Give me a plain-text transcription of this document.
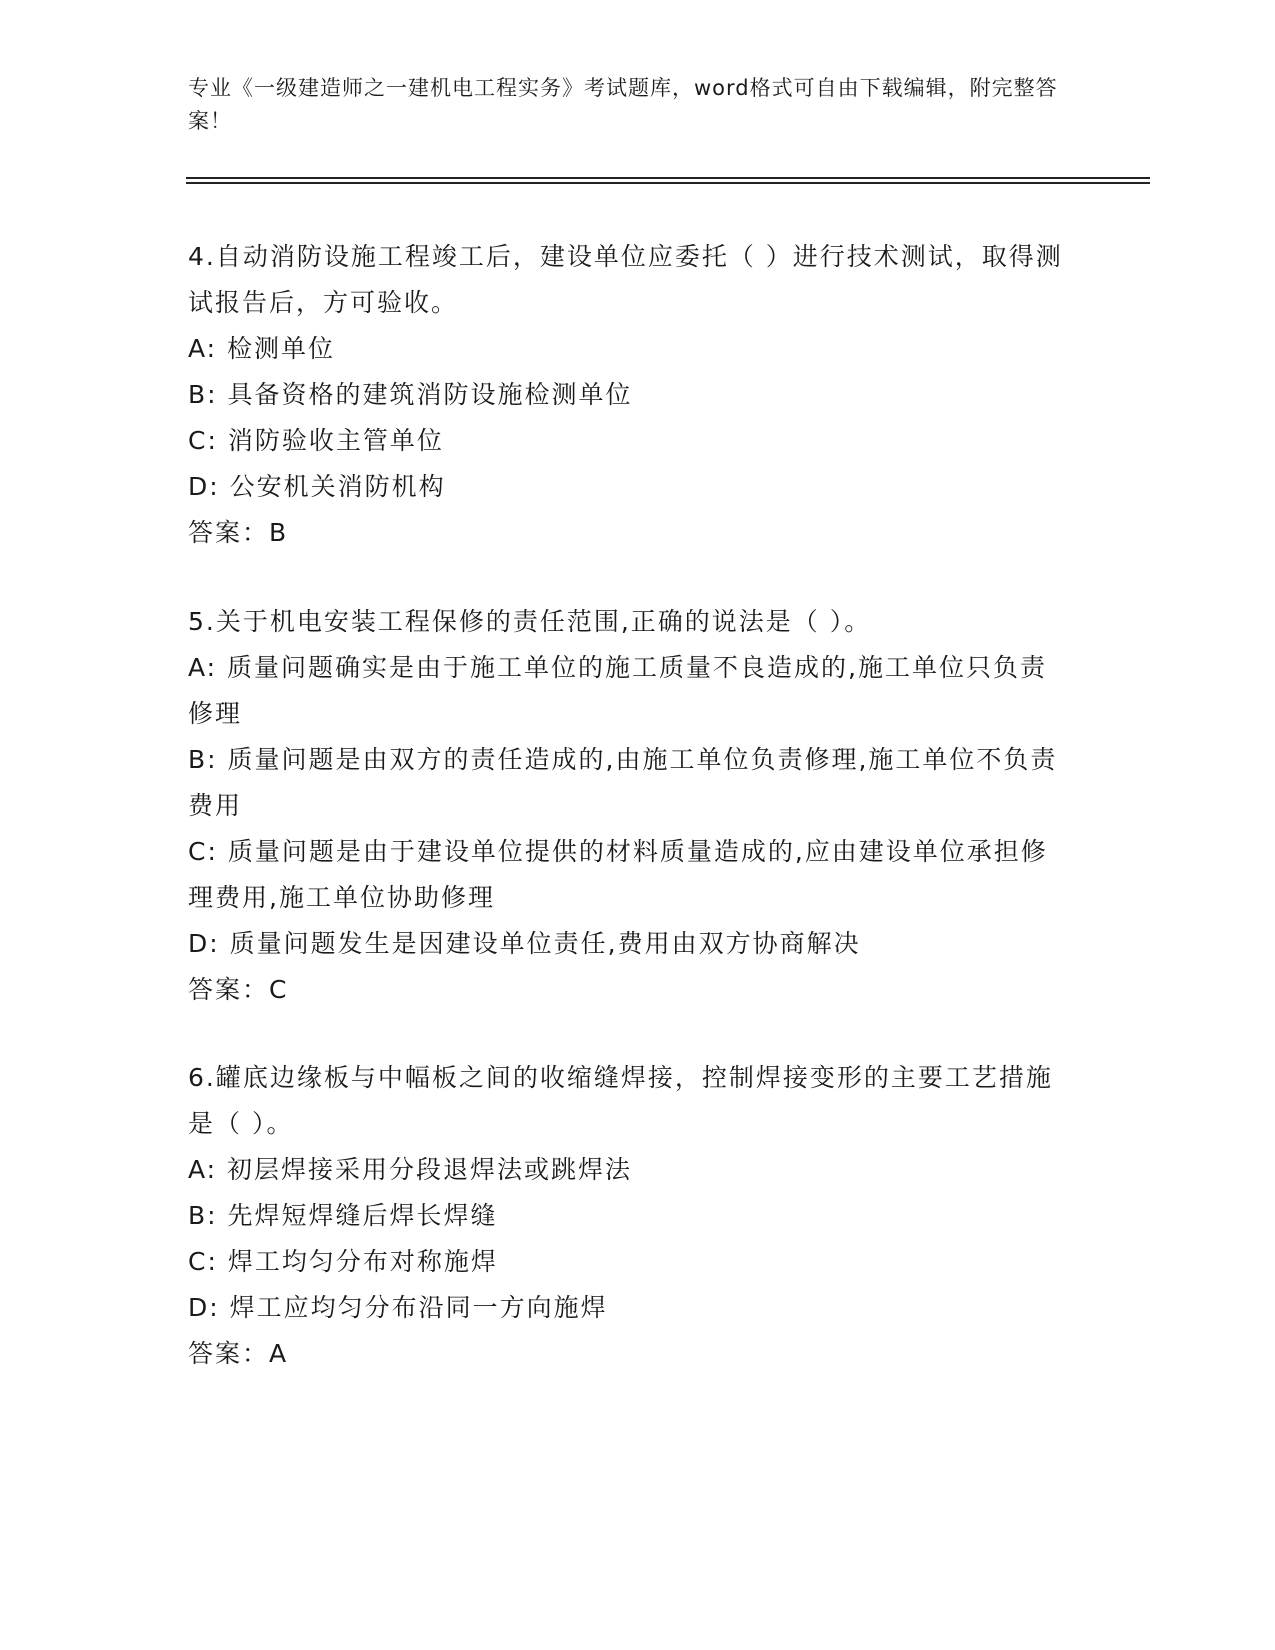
专业《一级建造师之一建机电工程实务》考试题库，word格式可自由下载编辑，附完整答案！
4.自动消防设施工程竣工后，建设单位应委托（ ）进行技术测试，取得测试报告后，方可验收。
A: 检测单位
B: 具备资格的建筑消防设施检测单位
C: 消防验收主管单位
D: 公安机关消防机构
答案：B
5.关于机电安装工程保修的责任范围,正确的说法是（ ）。
A: 质量问题确实是由于施工单位的施工质量不良造成的,施工单位只负责修理
B: 质量问题是由双方的责任造成的,由施工单位负责修理,施工单位不负责费用
C: 质量问题是由于建设单位提供的材料质量造成的,应由建设单位承担修理费用,施工单位协助修理
D: 质量问题发生是因建设单位责任,费用由双方协商解决
答案：C
6.罐底边缘板与中幅板之间的收缩缝焊接，控制焊接变形的主要工艺措施是（ ）。
A: 初层焊接采用分段退焊法或跳焊法
B: 先焊短焊缝后焊长焊缝
C: 焊工均匀分布对称施焊
D: 焊工应均匀分布沿同一方向施焊
答案：A
